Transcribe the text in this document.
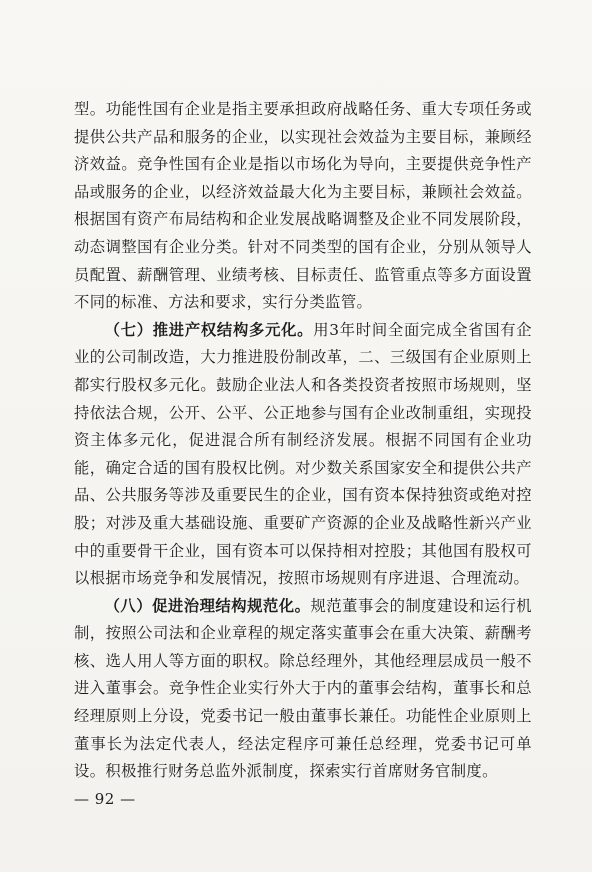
型。功能性国有企业是指主要承担政府战略任务、重大专项任务或提供公共产品和服务的企业，以实现社会效益为主要目标，兼顾经济效益。竞争性国有企业是指以市场化为导向，主要提供竞争性产品或服务的企业，以经济效益最大化为主要目标，兼顾社会效益。根据国有资产布局结构和企业发展战略调整及企业不同发展阶段，动态调整国有企业分类。针对不同类型的国有企业，分别从领导人员配置、薪酬管理、业绩考核、目标责任、监管重点等多方面设置不同的标准、方法和要求，实行分类监管。

（七）推进产权结构多元化。用3年时间全面完成全省国有企业的公司制改造，大力推进股份制改革，二、三级国有企业原则上都实行股权多元化。鼓励企业法人和各类投资者按照市场规则，坚持依法合规，公开、公平、公正地参与国有企业改制重组，实现投资主体多元化，促进混合所有制经济发展。根据不同国有企业功能，确定合适的国有股权比例。对少数关系国家安全和提供公共产品、公共服务等涉及重要民生的企业，国有资本保持独资或绝对控股；对涉及重大基础设施、重要矿产资源的企业及战略性新兴产业中的重要骨干企业，国有资本可以保持相对控股；其他国有股权可以根据市场竞争和发展情况，按照市场规则有序进退、合理流动。

（八）促进治理结构规范化。规范董事会的制度建设和运行机制，按照公司法和企业章程的规定落实董事会在重大决策、薪酬考核、选人用人等方面的职权。除总经理外，其他经理层成员一般不进入董事会。竞争性企业实行外大于内的董事会结构，董事长和总经理原则上分设，党委书记一般由董事长兼任。功能性企业原则上董事长为法定代表人，经法定程序可兼任总经理，党委书记可单设。积极推行财务总监外派制度，探索实行首席财务官制度。

— 92 —
